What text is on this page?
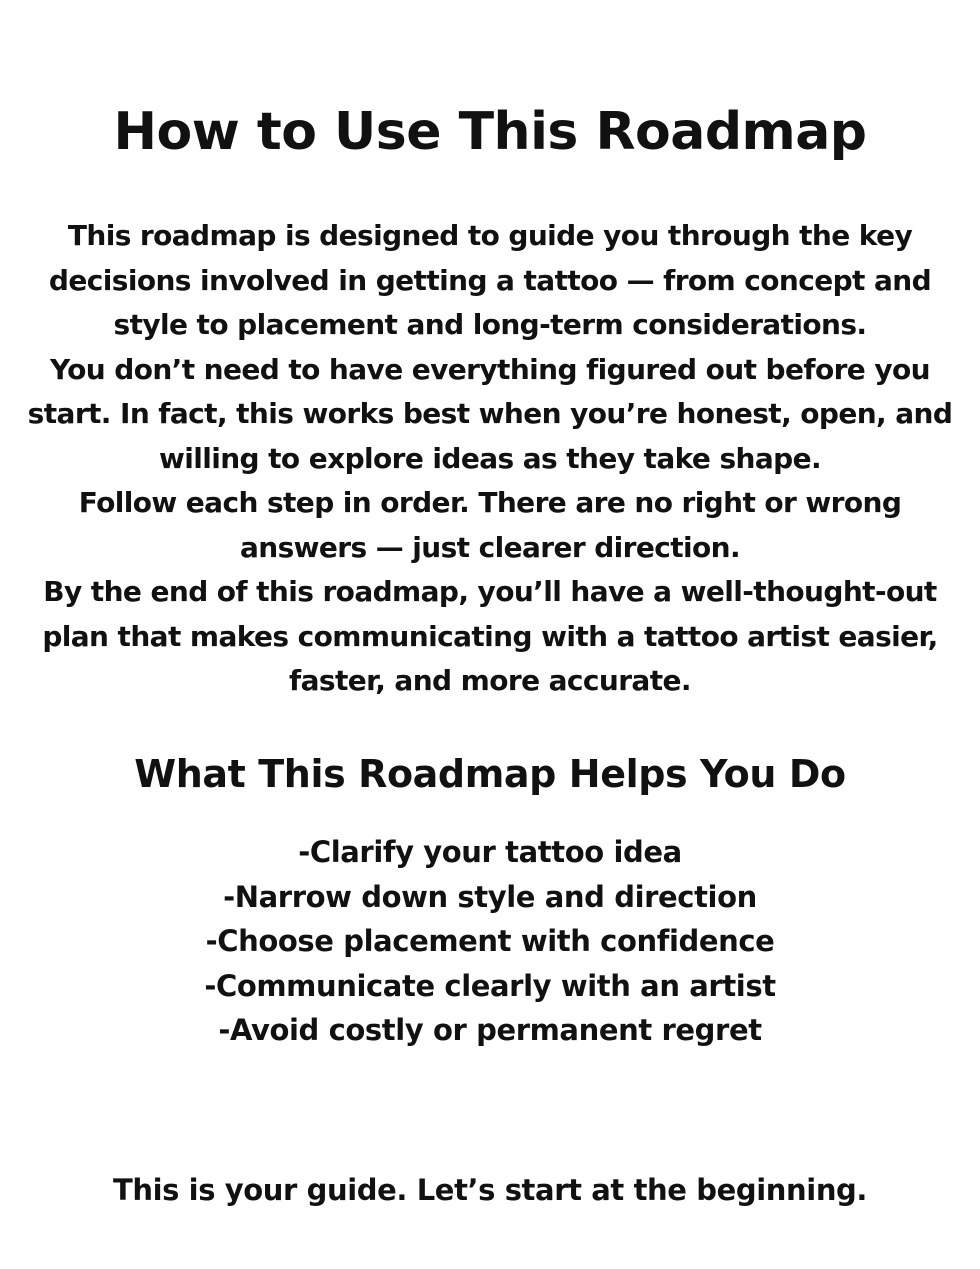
How to Use This Roadmap

This roadmap is designed to guide you through the key decisions involved in getting a tattoo — from concept and style to placement and long-term considerations.

You don’t need to have everything figured out before you start. In fact, this works best when you’re honest, open, and willing to explore ideas as they take shape.

Follow each step in order. There are no right or wrong answers — just clearer direction.

By the end of this roadmap, you’ll have a well-thought-out plan that makes communicating with a tattoo artist easier, faster, and more accurate.

What This Roadmap Helps You Do
-Clarify your tattoo idea
-Narrow down style and direction
-Choose placement with confidence
-Communicate clearly with an artist
-Avoid costly or permanent regret

This is your guide. Let’s start at the beginning.
